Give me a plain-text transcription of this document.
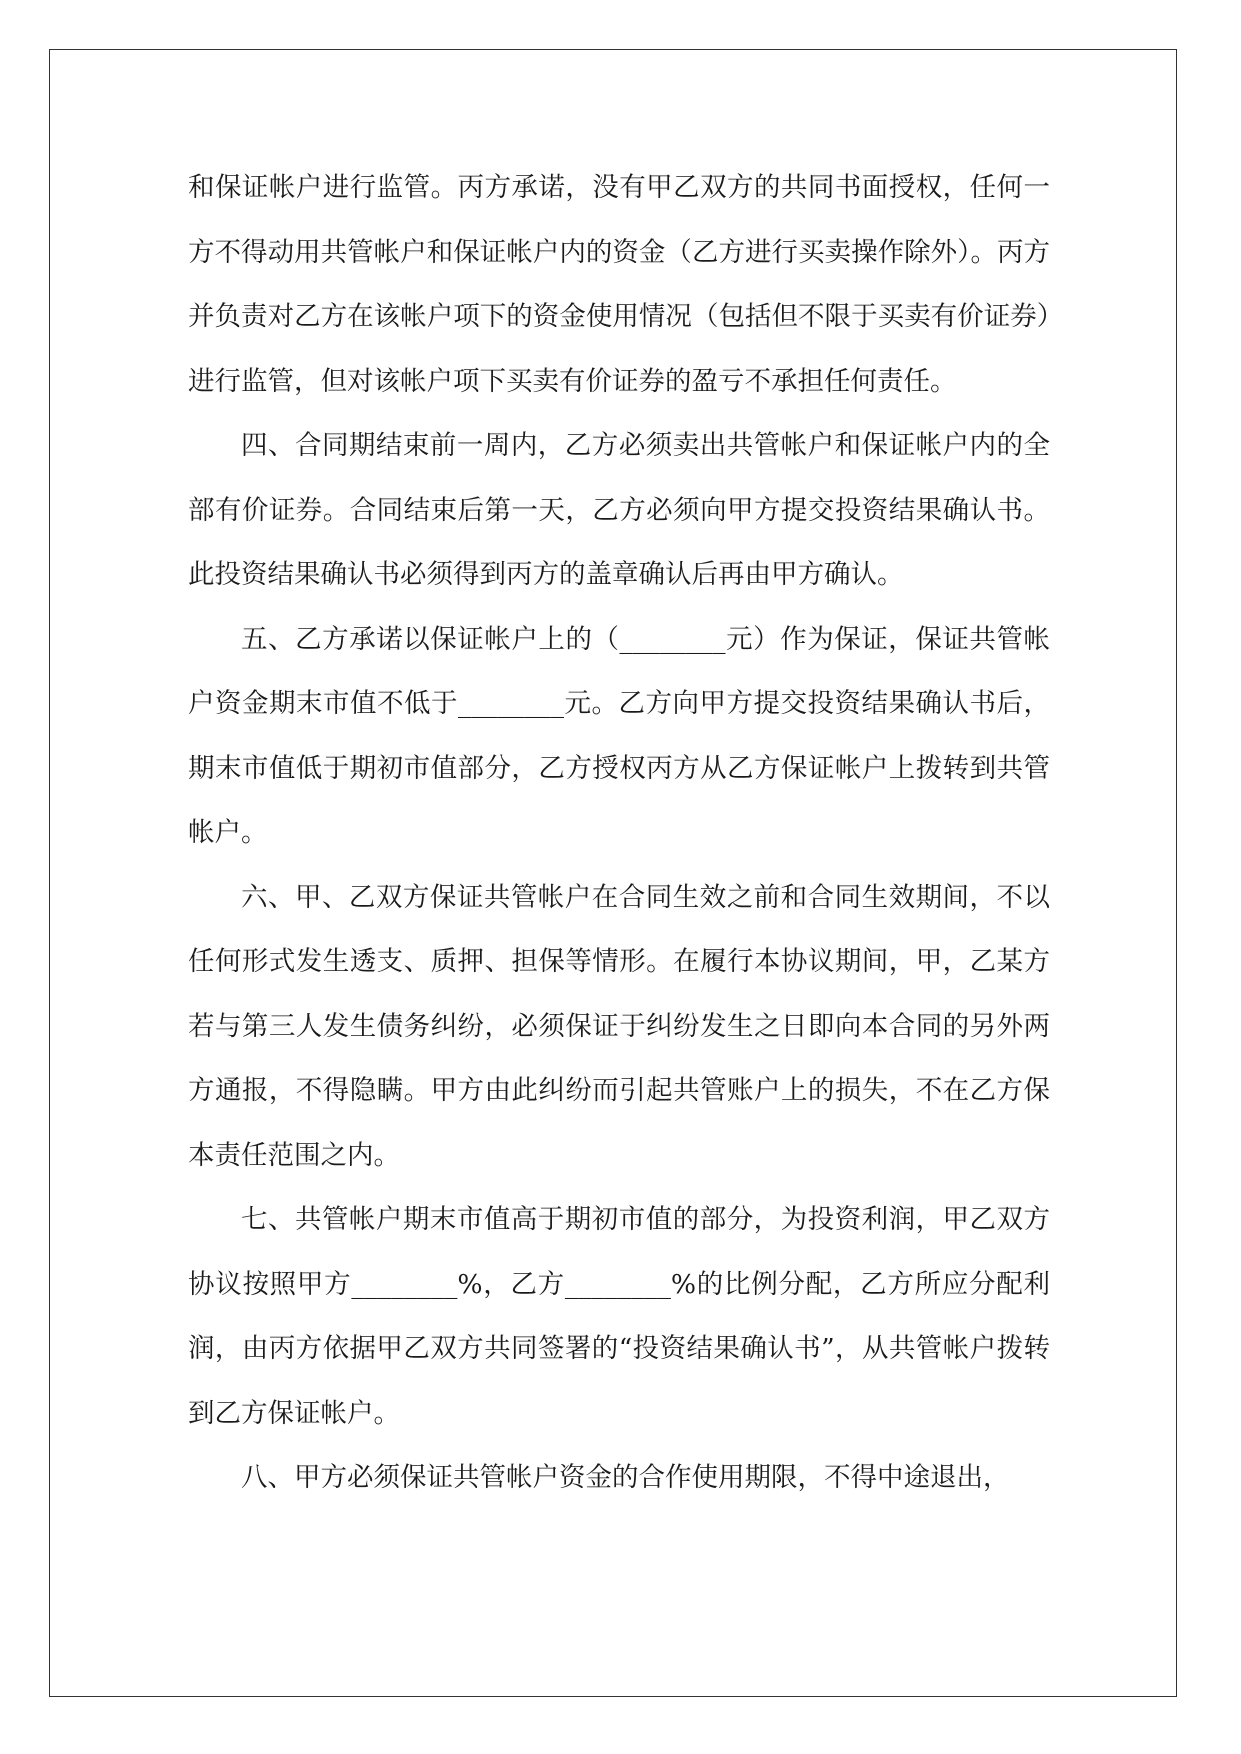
和保证帐户进行监管。丙方承诺，没有甲乙双方的共同书面授权，任何一方不得动用共管帐户和保证帐户内的资金（乙方进行买卖操作除外）。丙方并负责对乙方在该帐户项下的资金使用情况（包括但不限于买卖有价证券）进行监管，但对该帐户项下买卖有价证券的盈亏不承担任何责任。

四、合同期结束前一周内，乙方必须卖出共管帐户和保证帐户内的全部有价证券。合同结束后第一天，乙方必须向甲方提交投资结果确认书。此投资结果确认书必须得到丙方的盖章确认后再由甲方确认。

五、乙方承诺以保证帐户上的（________元）作为保证，保证共管帐户资金期末市值不低于________元。乙方向甲方提交投资结果确认书后，期末市值低于期初市值部分，乙方授权丙方从乙方保证帐户上拨转到共管帐户。

六、甲、乙双方保证共管帐户在合同生效之前和合同生效期间，不以任何形式发生透支、质押、担保等情形。在履行本协议期间，甲，乙某方若与第三人发生债务纠纷，必须保证于纠纷发生之日即向本合同的另外两方通报，不得隐瞒。甲方由此纠纷而引起共管账户上的损失，不在乙方保本责任范围之内。

七、共管帐户期末市值高于期初市值的部分，为投资利润，甲乙双方协议按照甲方________%，乙方________%的比例分配，乙方所应分配利润，由丙方依据甲乙双方共同签署的“投资结果确认书”，从共管帐户拨转到乙方保证帐户。

八、甲方必须保证共管帐户资金的合作使用期限，不得中途退出，
